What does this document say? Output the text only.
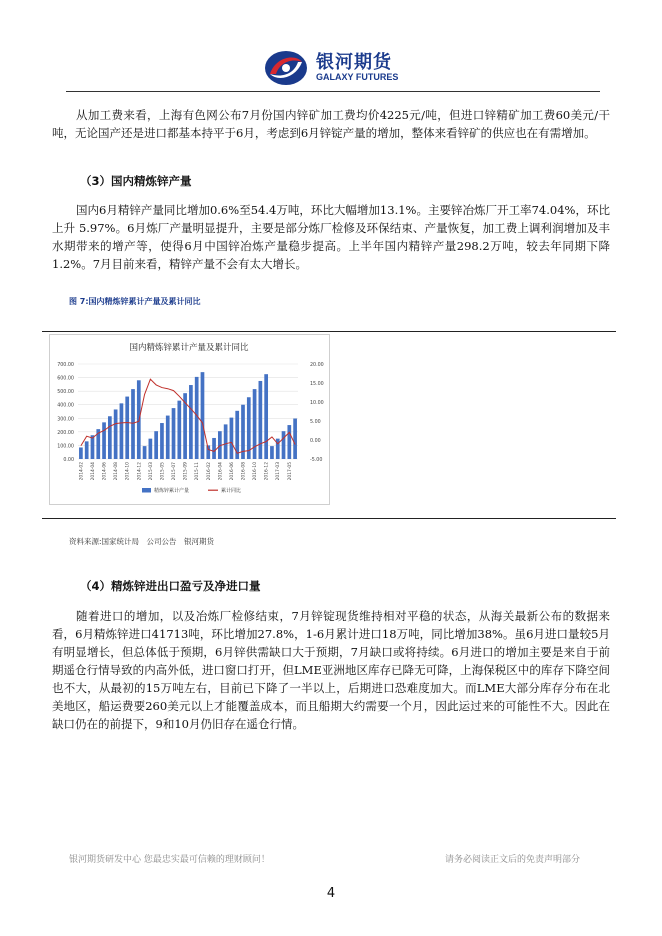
银河期货
GALAXY FUTURES

从加工费来看，上海有色网公布7月份国内锌矿加工费均价4225元/吨，但进口锌精矿加工费60美元/干吨，无论国产还是进口都基本持平于6月，考虑到6月锌锭产量的增加，整体来看锌矿的供应也在有需增加。

（3）国内精炼锌产量

国内6月精锌产量同比增加0.6%至54.4万吨，环比大幅增加13.1%。主要锌冶炼厂开工率74.04%，环比上升 5.97%。6月炼厂产量明显提升，主要是部分炼厂检修及环保结束、产量恢复，加工费上调利润增加及丰水期带来的增产等，使得6月中国锌冶炼产量稳步提高。上半年国内精锌产量298.2万吨，较去年同期下降1.2%。7月目前来看，精锌产量不会有太大增长。

图 7:国内精炼锌累计产量及累计同比
国内精炼锌累计产量及累计同比
700.00
600.00
500.00
400.00
300.00
200.00
100.00
0.00
20.00
15.00
10.00
5.00
0.00
-5.00
2014-02 2014-04 2014-06 2014-08 2014-10 2014-12 2015-03 2015-05 2015-07 2015-09 2015-11 2016-02 2016-04 2016-06 2016-08 2016-10 2016-12 2017-03 2017-05
精炼锌累计产量	累计同比
资料来源:国家统计局　公司公告　银河期货
（4）精炼锌进出口盈亏及净进口量

随着进口的增加，以及冶炼厂检修结束，7月锌锭现货维持相对平稳的状态，从海关最新公布的数据来看，6月精炼锌进口41713吨，环比增加27.8%，1-6月累计进口18万吨，同比增加38%。虽6月进口量较5月有明显增长，但总体低于预期，6月锌供需缺口大于预期，7月缺口或将持续。6月进口的增加主要是来自于前期遥仓行情导致的内高外低，进口窗口打开，但LME亚洲地区库存已降无可降，上海保税区中的库存下降空间也不大，从最初的15万吨左右，目前已下降了一半以上，后期进口恐难度加大。而LME大部分库存分布在北美地区，船运费要260美元以上才能覆盖成本，而且船期大约需要一个月，因此运过来的可能性不大。因此在缺口仍在的前提下，9和10月仍旧存在遥仓行情。

银河期货研发中心 您最忠实最可信赖的理财顾问！	请务必阅读正文后的免责声明部分
4
